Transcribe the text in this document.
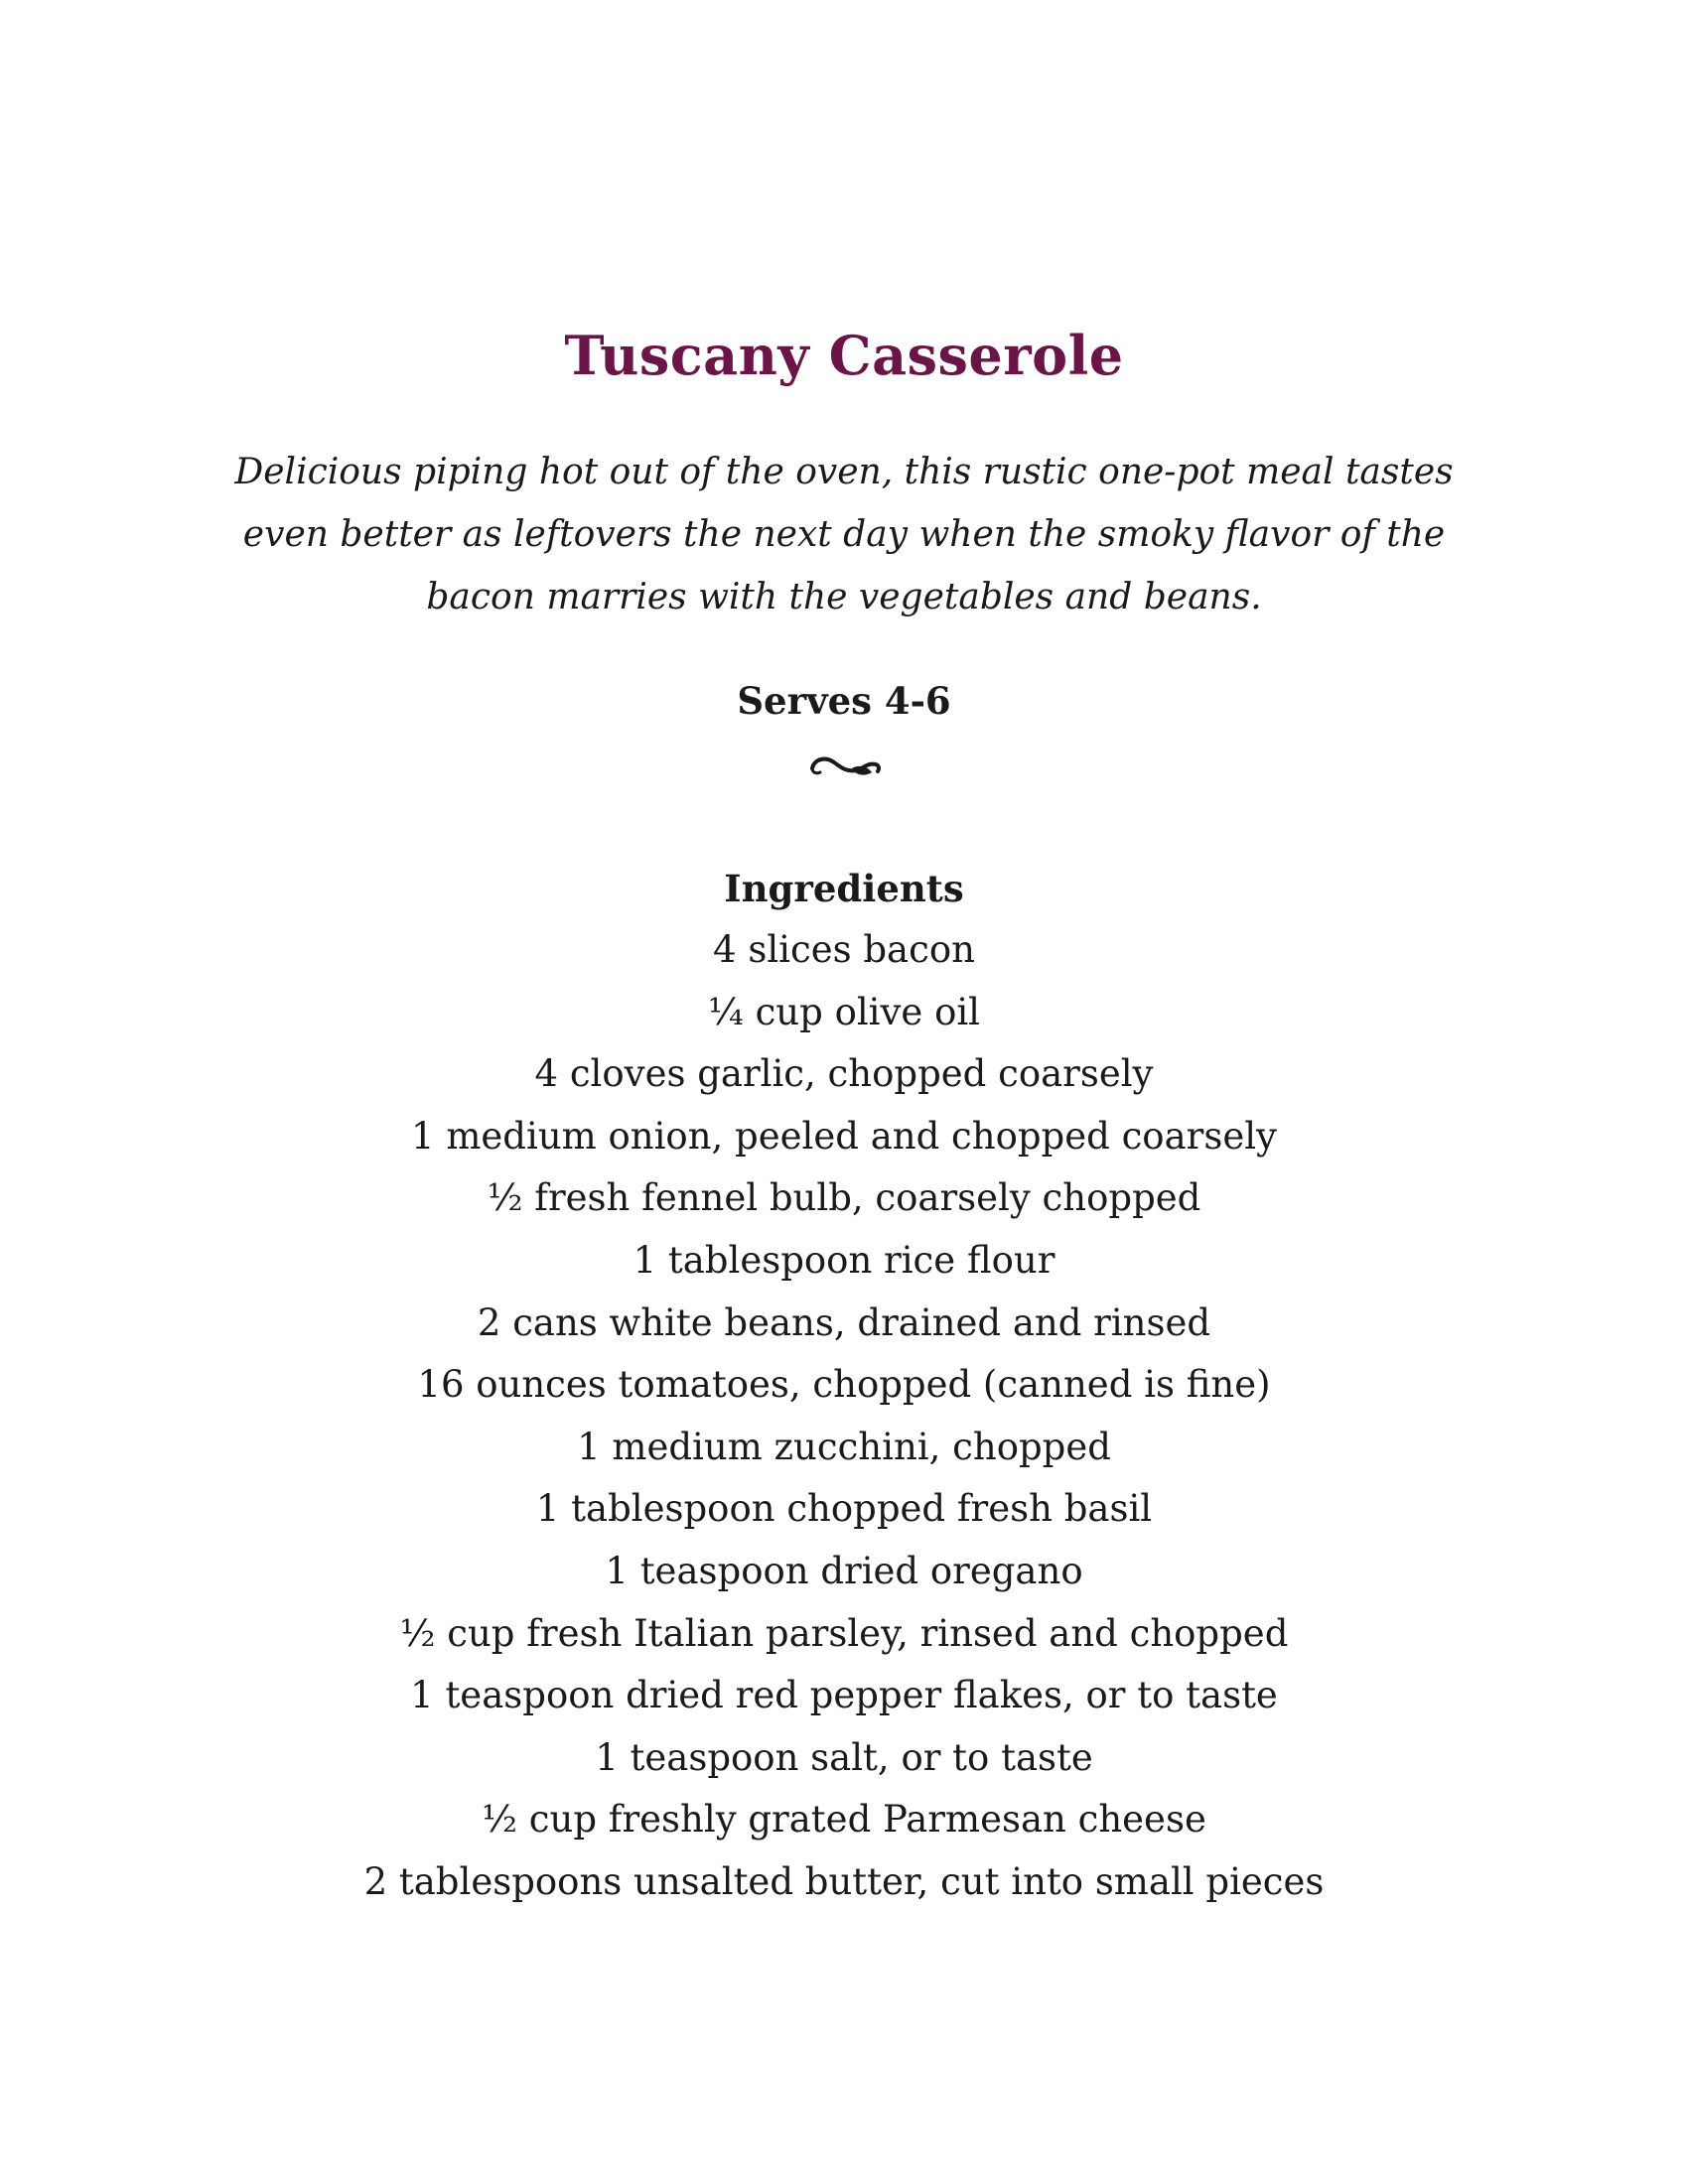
Tuscany Casserole
Delicious piping hot out of the oven, this rustic one-pot meal tastes even better as leftovers the next day when the smoky flavor of the bacon marries with the vegetables and beans.
Serves 4-6
Ingredients
4 slices bacon
¼ cup olive oil
4 cloves garlic, chopped coarsely
1 medium onion, peeled and chopped coarsely
½ fresh fennel bulb, coarsely chopped
1 tablespoon rice flour
2 cans white beans, drained and rinsed
16 ounces tomatoes, chopped (canned is fine)
1 medium zucchini, chopped
1 tablespoon chopped fresh basil
1 teaspoon dried oregano
½ cup fresh Italian parsley, rinsed and chopped
1 teaspoon dried red pepper flakes, or to taste
1 teaspoon salt, or to taste
½ cup freshly grated Parmesan cheese
2 tablespoons unsalted butter, cut into small pieces
